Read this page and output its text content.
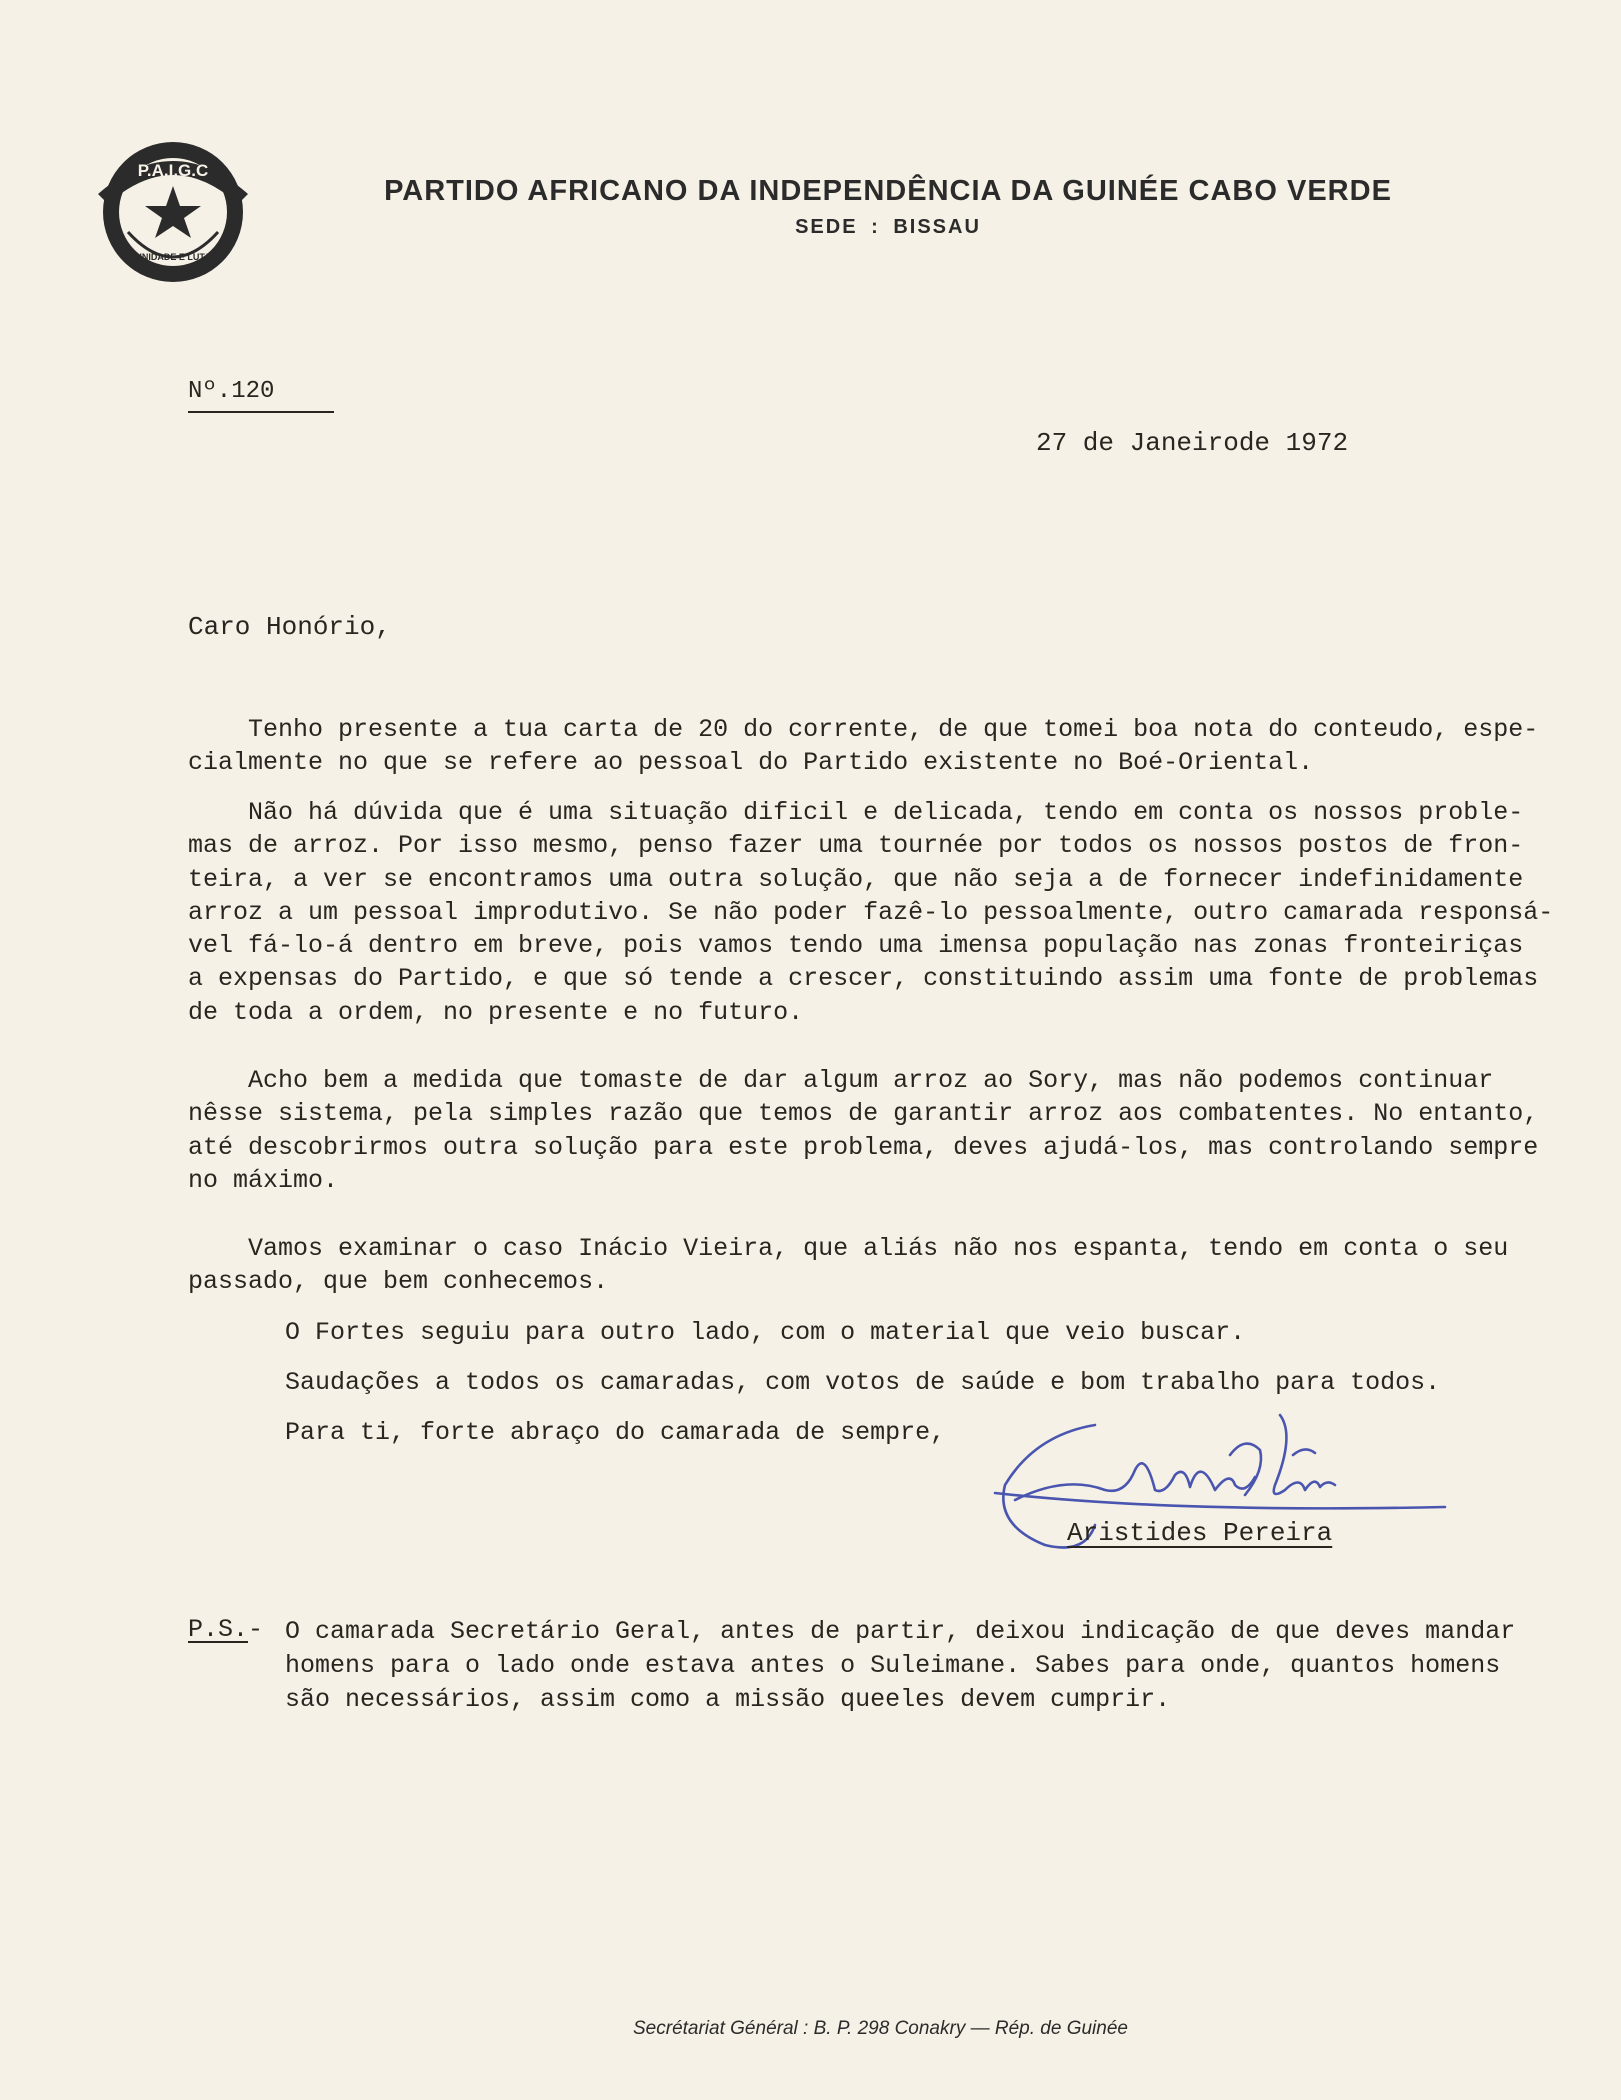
P.A.I.G.C
UNIDADE E LUTA
PARTIDO AFRICANO DA INDEPENDÊNCIA DA GUINÉE CABO VERDE
SEDE : BISSAU
Nº.120
27 de Janeirode 1972
Caro Honório,
Tenho presente a tua carta de 20 do corrente, de que tomei boa nota do conteudo, espe-
cialmente no que se refere ao pessoal do Partido existente no Boé-Oriental.
Não há dúvida que é uma situação dificil e delicada, tendo em conta os nossos proble-
mas de arroz. Por isso mesmo, penso fazer uma tournée por todos os nossos postos de fron-
teira, a ver se encontramos uma outra solução, que não seja a de fornecer indefinidamente
arroz a um pessoal improdutivo. Se não poder fazê-lo pessoalmente, outro camarada responsá-
vel fá-lo-á dentro em breve, pois vamos tendo uma imensa população nas zonas fronteiriças
a expensas do Partido, e que só tende a crescer, constituindo assim uma fonte de problemas
de toda a ordem, no presente e no futuro.
Acho bem a medida que tomaste de dar algum arroz ao Sory, mas não podemos continuar
nêsse sistema, pela simples razão que temos de garantir arroz aos combatentes. No entanto,
até descobrirmos outra solução para este problema, deves ajudá-los, mas controlando sempre
no máximo.
Vamos examinar o caso Inácio Vieira, que aliás não nos espanta, tendo em conta o seu
passado, que bem conhecemos.
O Fortes seguiu para outro lado, com o material que veio buscar.
Saudações a todos os camaradas, com votos de saúde e bom trabalho para todos.
Para ti, forte abraço do camarada de sempre,
Aristides Pereira
P.S.- O camarada Secretário Geral, antes de partir, deixou indicação de que deves mandar
homens para o lado onde estava antes o Suleimane. Sabes para onde, quantos homens
são necessários, assim como a missão queeles devem cumprir.
Secrétariat Général : B. P. 298 Conakry — Rép. de Guinée
